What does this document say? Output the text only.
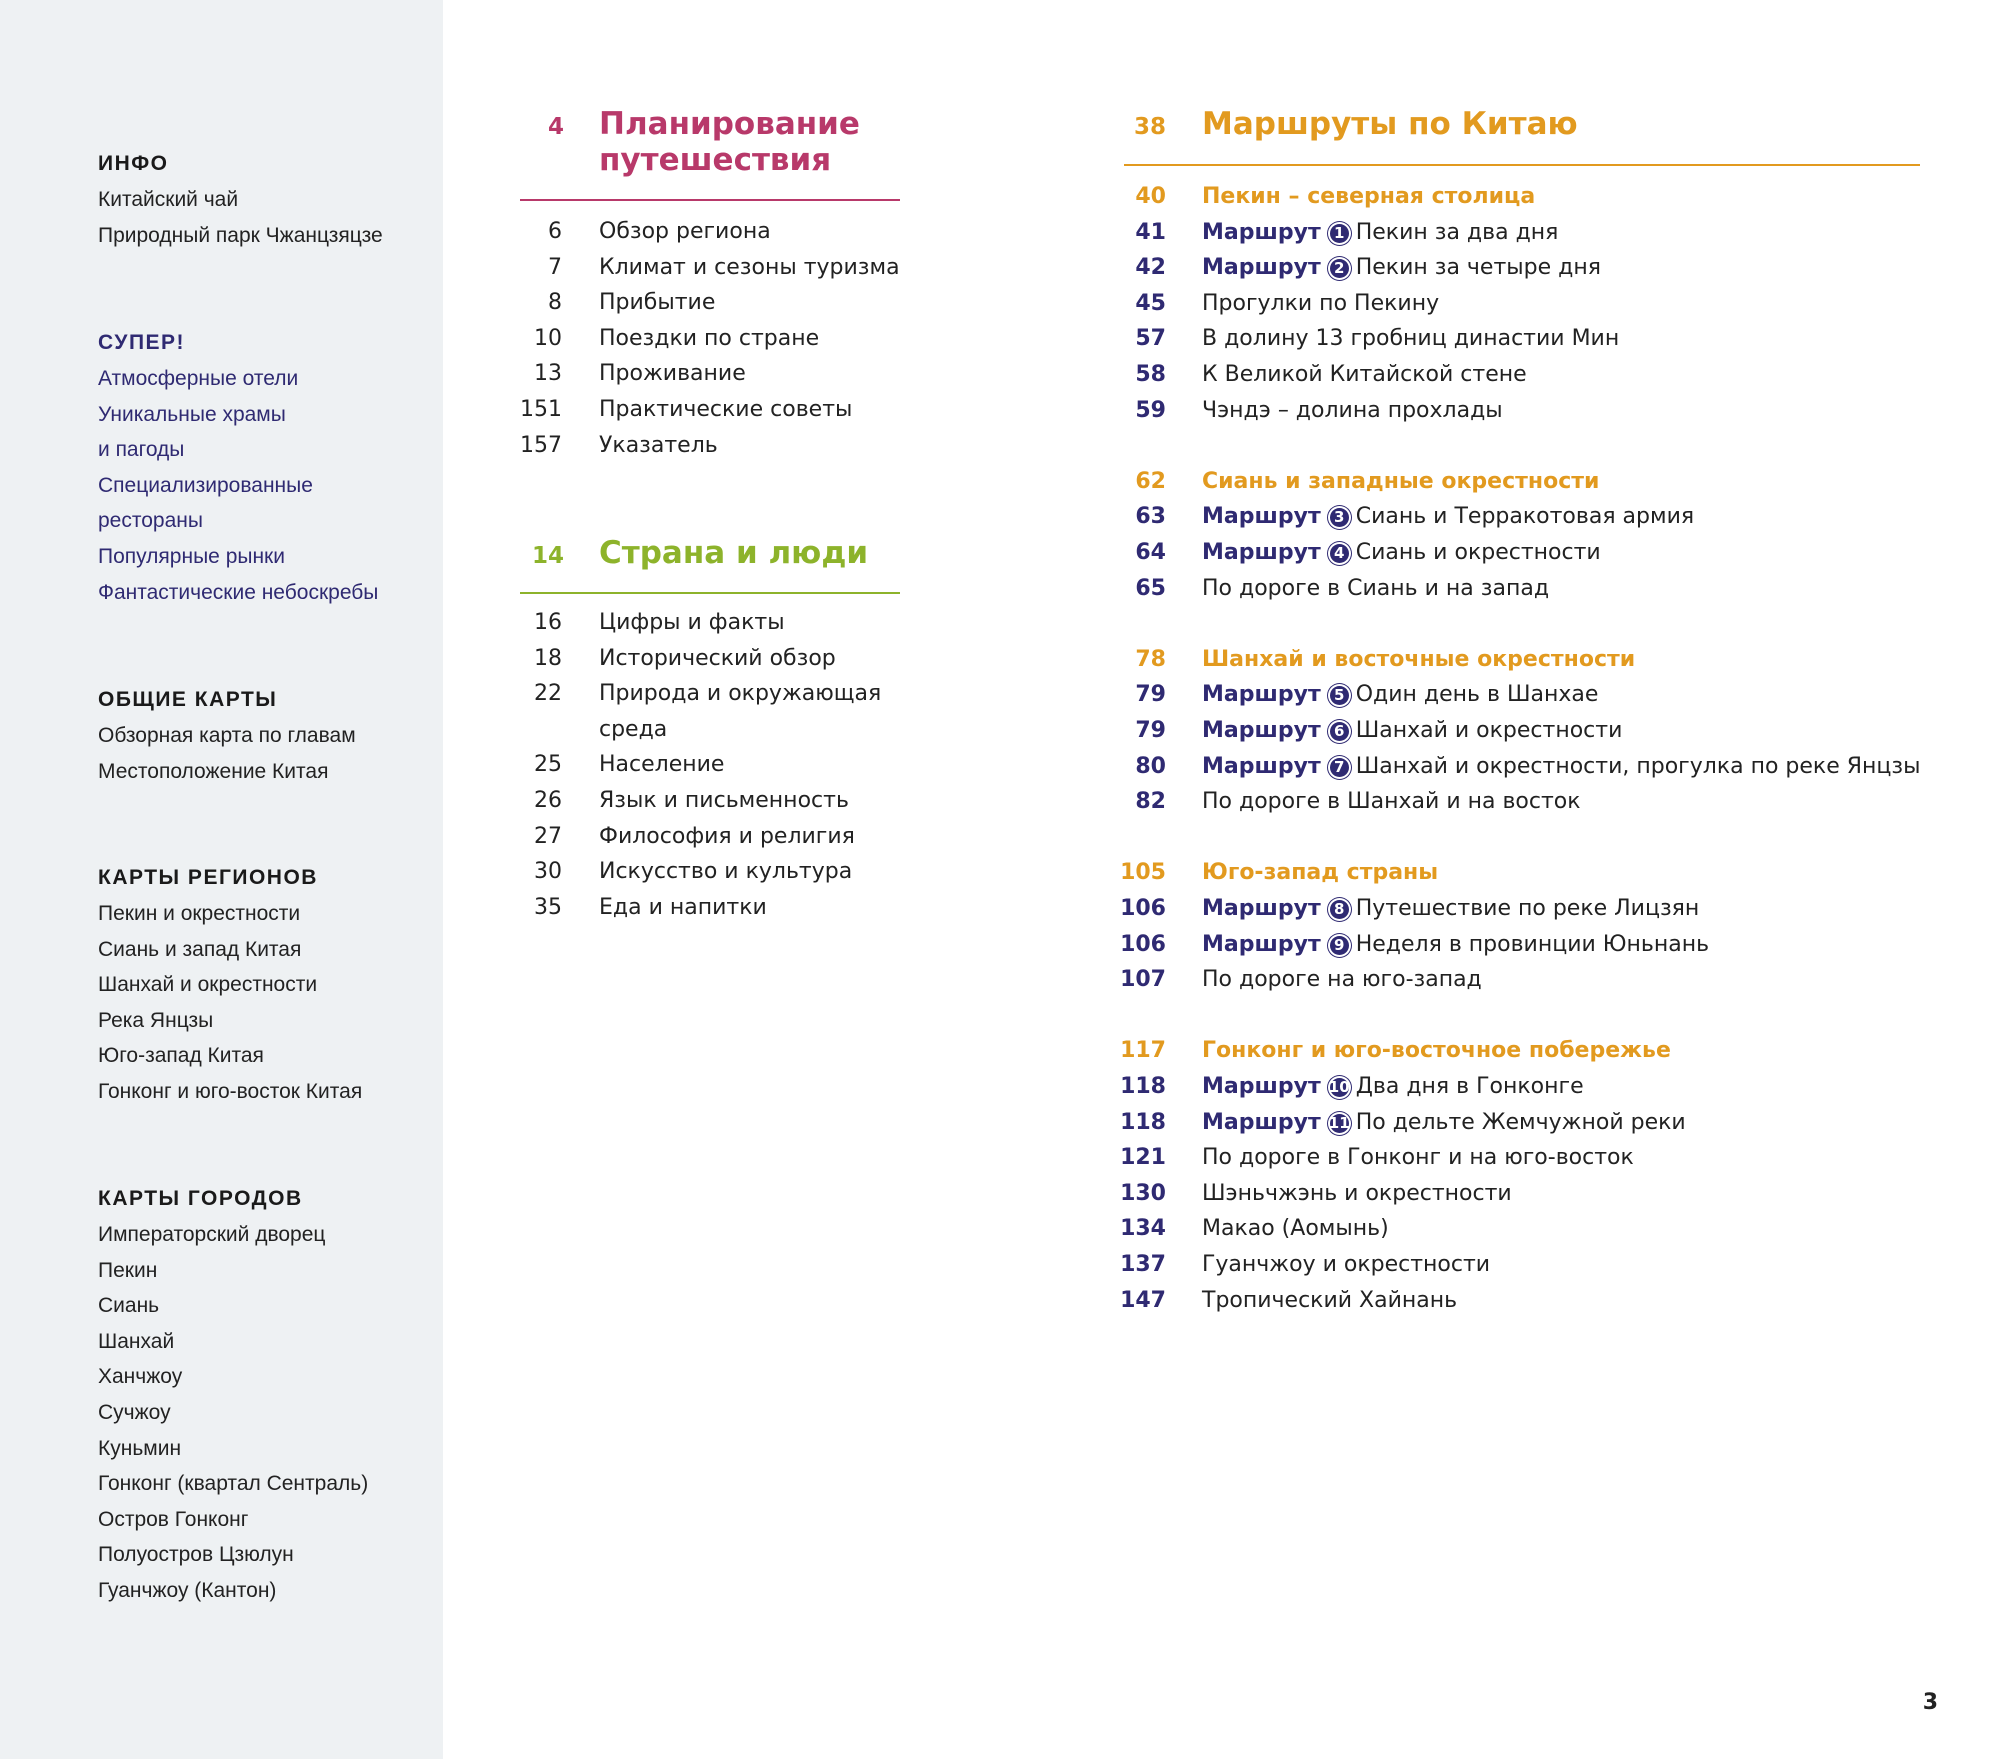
ИНФО
Китайский чай
Природный парк Чжанцзяцзе
СУПЕР!
Атмосферные отели
Уникальные храмы
и пагоды
Специализированные
рестораны
Популярные рынки
Фантастические небоскребы
ОБЩИЕ КАРТЫ
Обзорная карта по главам
Местоположение Китая
КАРТЫ РЕГИОНОВ
Пекин и окрестности
Сиань и запад Китая
Шанхай и окрестности
Река Янцзы
Юго-запад Китая
Гонконг и юго-восток Китая
КАРТЫ ГОРОДОВ
Императорский дворец
Пекин
Сиань
Шанхай
Ханчжоу
Сучжоу
Куньмин
Гонконг (квартал Сентраль)
Остров Гонконг
Полуостров Цзюлун
Гуанчжоу (Кантон)
4 Планирование
путешествия
6 Обзор региона
7 Климат и сезоны туризма
8 Прибытие
10 Поездки по стране
13 Проживание
151 Практические советы
157 Указатель
14 Страна и люди
16 Цифры и факты
18 Исторический обзор
22 Природа и окружающая
среда
25 Население
26 Язык и письменность
27 Философия и религия
30 Искусство и культура
35 Еда и напитки
38 Маршруты по Китаю
40 Пекин – северная столица
41 Маршрут 1 Пекин за два дня
42 Маршрут 2 Пекин за четыре дня
45 Прогулки по Пекину
57 В долину 13 гробниц династии Мин
58 К Великой Китайской стене
59 Чэндэ – долина прохлады
62 Сиань и западные окрестности
63 Маршрут 3 Сиань и Терракотовая армия
64 Маршрут 4 Сиань и окрестности
65 По дороге в Сиань и на запад
78 Шанхай и восточные окрестности
79 Маршрут 5 Один день в Шанхае
79 Маршрут 6 Шанхай и окрестности
80 Маршрут 7 Шанхай и окрестности, прогулка по реке Янцзы
82 По дороге в Шанхай и на восток
105 Юго-запад страны
106 Маршрут 8 Путешествие по реке Лицзян
106 Маршрут 9 Неделя в провинции Юньнань
107 По дороге на юго-запад
117 Гонконг и юго-восточное побережье
118 Маршрут 10 Два дня в Гонконге
118 Маршрут 11 По дельте Жемчужной реки
121 По дороге в Гонконг и на юго-восток
130 Шэньчжэнь и окрестности
134 Макао (Аомынь)
137 Гуанчжоу и окрестности
147 Тропический Хайнань
3
